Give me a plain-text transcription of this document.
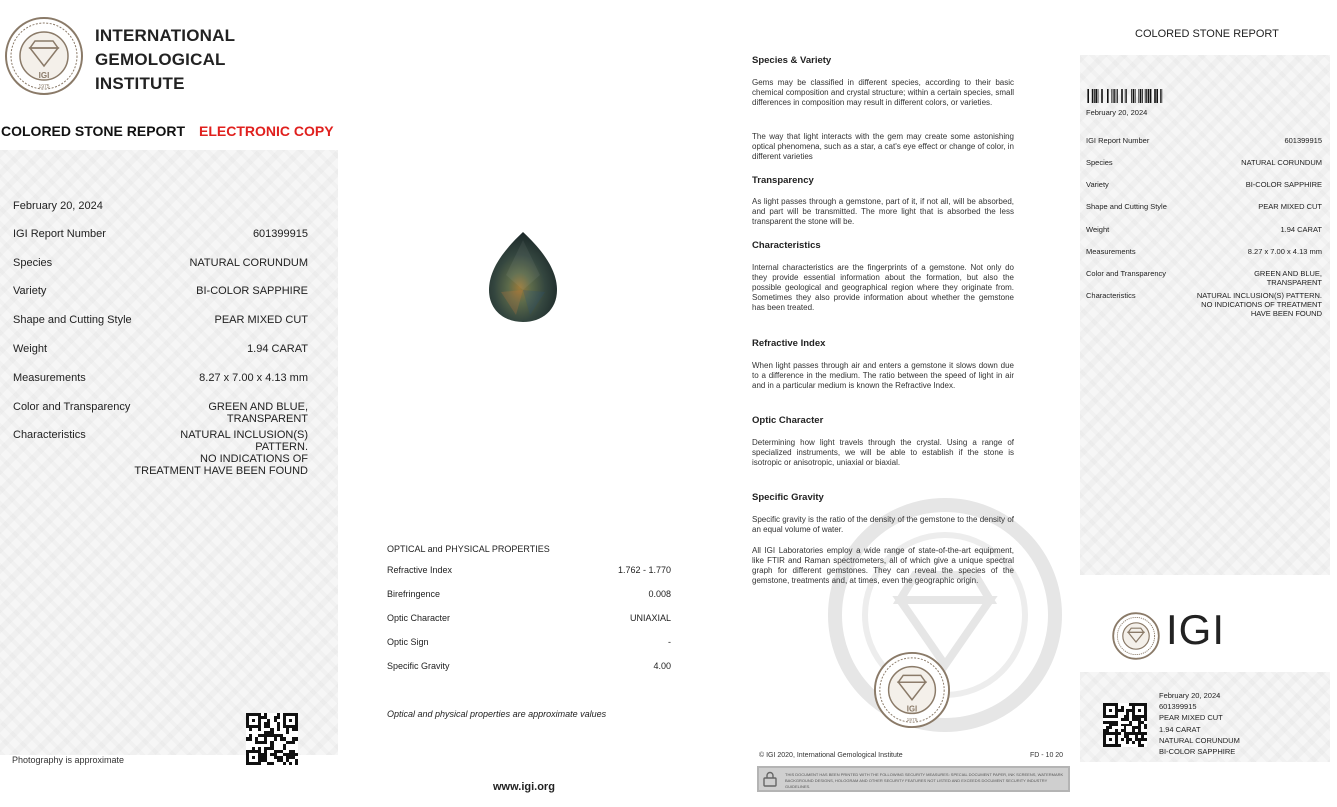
IGI
1975
INTERNATIONAL
GEMOLOGICAL
INSTITUTE
COLORED STONE REPORT ELECTRONIC COPY
February 20, 2024
IGI Report Number	601399915
Species	NATURAL CORUNDUM
Variety	BI-COLOR SAPPHIRE
Shape and Cutting Style	PEAR MIXED CUT
Weight	1.94 CARAT
Measurements	8.27 x 7.00 x 4.13 mm
Color and Transparency	GREEN AND BLUE,
TRANSPARENT
Characteristics	NATURAL INCLUSION(S)
PATTERN.
NO INDICATIONS OF
TREATMENT HAVE BEEN FOUND
Photography is approximate
OPTICAL and PHYSICAL PROPERTIES
Refractive Index	1.762 - 1.770
Birefringence	0.008
Optic Character	UNIAXIAL
Optic Sign	-
Specific Gravity	4.00
Optical and physical properties are approximate values
www.igi.org
Species & Variety
Gems may be classified in different species, according to their basic chemical composition and crystal structure; within a certain species, small differences in composition may result in different colors, or varieties.
The way that light interacts with the gem may create some astonishing optical phenomena, such as a star, a cat's eye effect or change of color, in different varieties
Transparency
As light passes through a gemstone, part of it, if not all, will be absorbed, and part will be transmitted. The more light that is absorbed the less transparent the stone will be.
Characteristics
Internal characteristics are the fingerprints of a gemstone. Not only do they provide essential information about the formation, but also the possible geological and geographical region where they originate from. Sometimes they also provide information about whether the gemstone has been treated.
Refractive Index
When light passes through air and enters a gemstone it slows down due to a difference in the medium. The ratio between the speed of light in air and in a particular medium is known the Refractive Index.
Optic Character
Determining how light travels through the crystal. Using a range of specialized instruments, we will be able to establish if the stone is isotropic or anisotropic, uniaxial or biaxial.
Specific Gravity
Specific gravity is the ratio of the density of the gemstone to the density of an equal volume of water.
All IGI Laboratories employ a wide range of state-of-the-art equipment, like FTIR and Raman spectrometers, all of which give a unique spectral graph for different gemstones. They can reveal the species of the gemstone, treatments and, at times, even the geographic origin.
IGI
1975
© IGI 2020, International Gemological Institute	FD - 10 20
THIS DOCUMENT HAS BEEN PRINTED WITH THE FOLLOWING SECURITY MEASURES: SPECIAL DOCUMENT PAPER, INK SCREENS, WATERMARK BACKGROUND DESIGNS, HOLOGRAM AND OTHER SECURITY FEATURES NOT LISTED AND EXCEEDS DOCUMENT SECURITY INDUSTRY GUIDELINES.
COLORED STONE REPORT
February 20, 2024
IGI Report Number	601399915
Species	NATURAL CORUNDUM
Variety	BI-COLOR SAPPHIRE
Shape and Cutting Style	PEAR MIXED CUT
Weight	1.94 CARAT
Measurements	8.27 x 7.00 x 4.13 mm
Color and Transparency	GREEN AND BLUE,
TRANSPARENT
Characteristics	NATURAL INCLUSION(S) PATTERN.
NO INDICATIONS OF TREATMENT
HAVE BEEN FOUND
IGI
February 20, 2024
601399915
PEAR MIXED CUT
1.94 CARAT
NATURAL CORUNDUM
BI-COLOR SAPPHIRE
